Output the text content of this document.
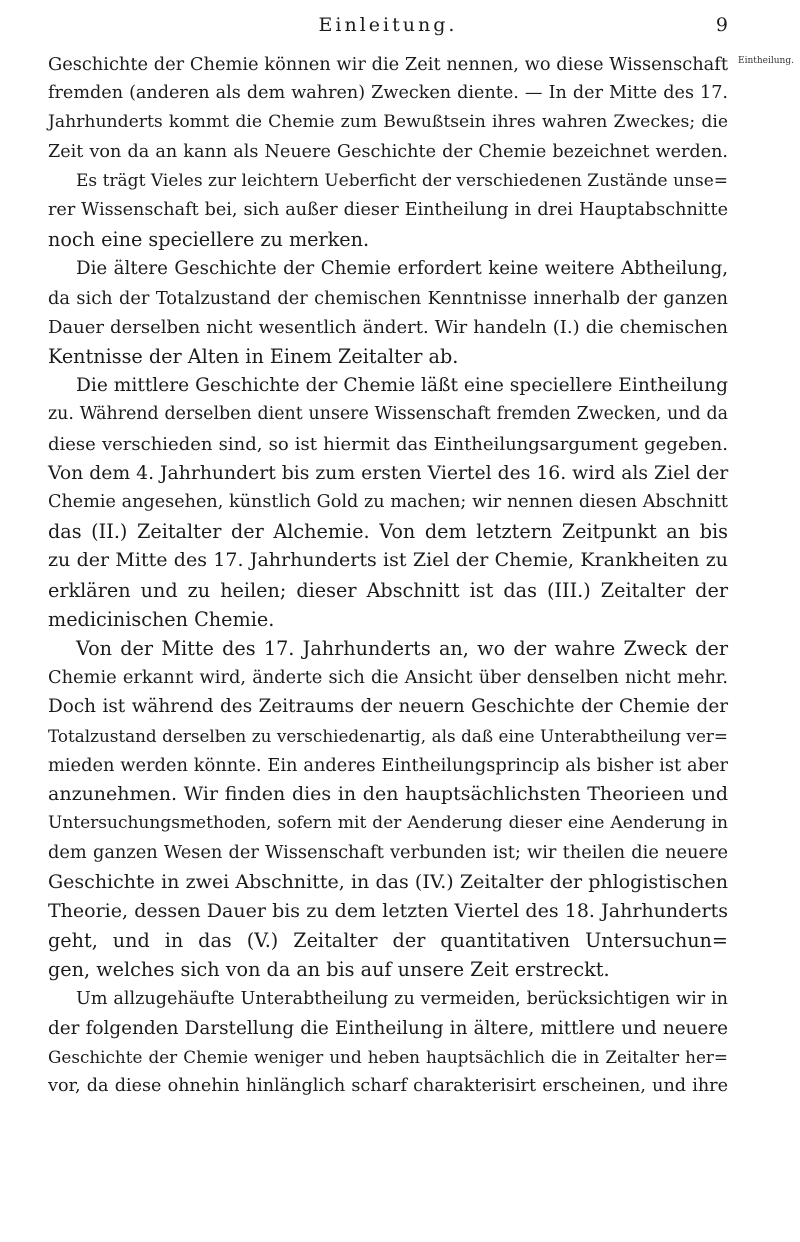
Einleitung.	9
Eintheilung.

Geschichte der Chemie können wir die Zeit nennen, wo diese Wissenschaft
fremden (anderen als dem wahren) Zwecken diente. — In der Mitte des 17.
Jahrhunderts kommt die Chemie zum Bewußtsein ihres wahren Zweckes; die
Zeit von da an kann als Neuere Geschichte der Chemie bezeichnet werden.
Es trägt Vieles zur leichtern Ueberficht der verschiedenen Zustände unse=
rer Wissenschaft bei, sich außer dieser Eintheilung in drei Hauptabschnitte
noch eine speciellere zu merken.

Die ältere Geschichte der Chemie erfordert keine weitere Abtheilung,
da sich der Totalzustand der chemischen Kenntnisse innerhalb der ganzen
Dauer derselben nicht wesentlich ändert. Wir handeln (I.) die chemischen
Kentnisse der Alten in Einem Zeitalter ab.

Die mittlere Geschichte der Chemie läßt eine speciellere Eintheilung
zu. Während derselben dient unsere Wissenschaft fremden Zwecken, und da
diese verschieden sind, so ist hiermit das Eintheilungsargument gegeben.
Von dem 4. Jahrhundert bis zum ersten Viertel des 16. wird als Ziel der
Chemie angesehen, künstlich Gold zu machen; wir nennen diesen Abschnitt
das (II.) Zeitalter der Alchemie. Von dem letztern Zeitpunkt an bis
zu der Mitte des 17. Jahrhunderts ist Ziel der Chemie, Krankheiten zu
erklären und zu heilen; dieser Abschnitt ist das (III.) Zeitalter der
medicinischen Chemie.

Von der Mitte des 17. Jahrhunderts an, wo der wahre Zweck der
Chemie erkannt wird, änderte sich die Ansicht über denselben nicht mehr.
Doch ist während des Zeitraums der neuern Geschichte der Chemie der
Totalzustand derselben zu verschiedenartig, als daß eine Unterabtheilung ver=
mieden werden könnte. Ein anderes Eintheilungsprincip als bisher ist aber
anzunehmen. Wir finden dies in den hauptsächlichsten Theorieen und
Untersuchungsmethoden, sofern mit der Aenderung dieser eine Aenderung in
dem ganzen Wesen der Wissenschaft verbunden ist; wir theilen die neuere
Geschichte in zwei Abschnitte, in das (IV.) Zeitalter der phlogistischen
Theorie, dessen Dauer bis zu dem letzten Viertel des 18. Jahrhunderts
geht, und in das (V.) Zeitalter der quantitativen Untersuchun=
gen, welches sich von da an bis auf unsere Zeit erstreckt.

Um allzugehäufte Unterabtheilung zu vermeiden, berücksichtigen wir in
der folgenden Darstellung die Eintheilung in ältere, mittlere und neuere
Geschichte der Chemie weniger und heben hauptsächlich die in Zeitalter her=
vor, da diese ohnehin hinlänglich scharf charakterisirt erscheinen, und ihre
